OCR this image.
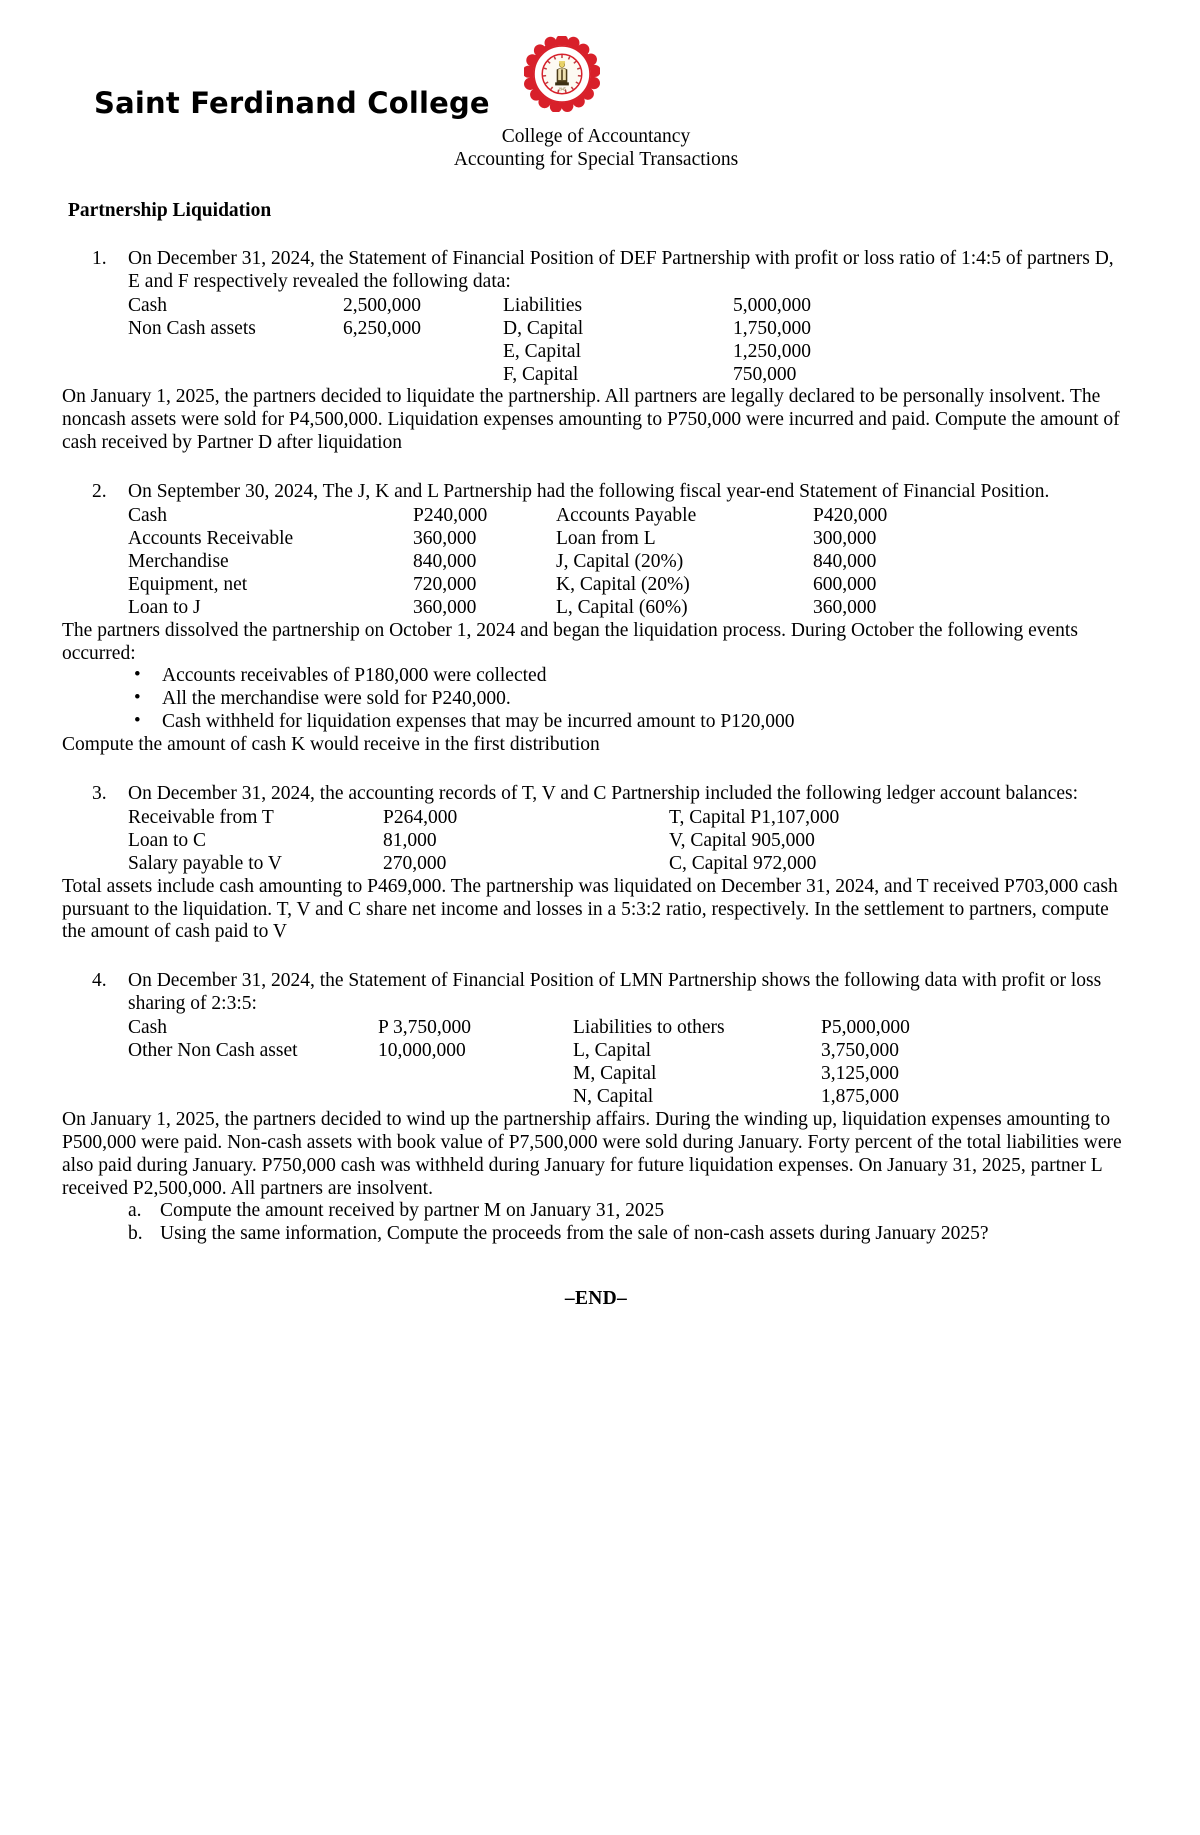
1945
Saint Ferdinand College
College of Accountancy
Accounting for Special Transactions
Partnership Liquidation
1.	On December 31, 2024, the Statement of Financial Position of DEF Partnership with profit or loss ratio of 1:4:5 of partners D, E and F respectively revealed the following data:
Cash	2,500,000	Liabilities	5,000,000
Non Cash assets	6,250,000	D, Capital	1,750,000
		E, Capital	1,250,000
		F, Capital	750,000

On January 1, 2025, the partners decided to liquidate the partnership. All partners are legally declared to be personally insolvent. The noncash assets were sold for P4,500,000. Liquidation expenses amounting to P750,000 were incurred and paid. Compute the amount of cash received by Partner D after liquidation

2.	On September 30, 2024, The J, K and L Partnership had the following fiscal year-end Statement of Financial Position.
Cash	P240,000	Accounts Payable	P420,000
Accounts Receivable	360,000	Loan from L	300,000
Merchandise	840,000	J, Capital (20%)	840,000
Equipment, net	720,000	K, Capital (20%)	600,000
Loan to J	360,000	L, Capital (60%)	360,000

The partners dissolved the partnership on October 1, 2024 and began the liquidation process. During October the following events occurred:

• Accounts receivables of P180,000 were collected
• All the merchandise were sold for P240,000.
• Cash withheld for liquidation expenses that may be incurred amount to P120,000

Compute the amount of cash K would receive in the first distribution

3.	On December 31, 2024, the accounting records of T, V and C Partnership included the following ledger account balances:
Receivable from T	P264,000	T, Capital P1,107,000
Loan to C	81,000	V, Capital 905,000
Salary payable to V	270,000	C, Capital 972,000

Total assets include cash amounting to P469,000. The partnership was liquidated on December 31, 2024, and T received P703,000 cash pursuant to the liquidation. T, V and C share net income and losses in a 5:3:2 ratio, respectively. In the settlement to partners, compute the amount of cash paid to V

4.	On December 31, 2024, the Statement of Financial Position of LMN Partnership shows the following data with profit or loss sharing of 2:3:5:
Cash	P 3,750,000	Liabilities to others	P5,000,000
Other Non Cash asset	10,000,000	L, Capital	3,750,000
		M, Capital	3,125,000
		N, Capital	1,875,000

On January 1, 2025, the partners decided to wind up the partnership affairs. During the winding up, liquidation expenses amounting to P500,000 were paid. Non-cash assets with book value of P7,500,000 were sold during January. Forty percent of the total liabilities were also paid during January. P750,000 cash was withheld during January for future liquidation expenses. On January 31, 2025, partner L received P2,500,000. All partners are insolvent.

a. Compute the amount received by partner M on January 31, 2025
b. Using the same information, Compute the proceeds from the sale of non-cash assets during January 2025?
–END–
